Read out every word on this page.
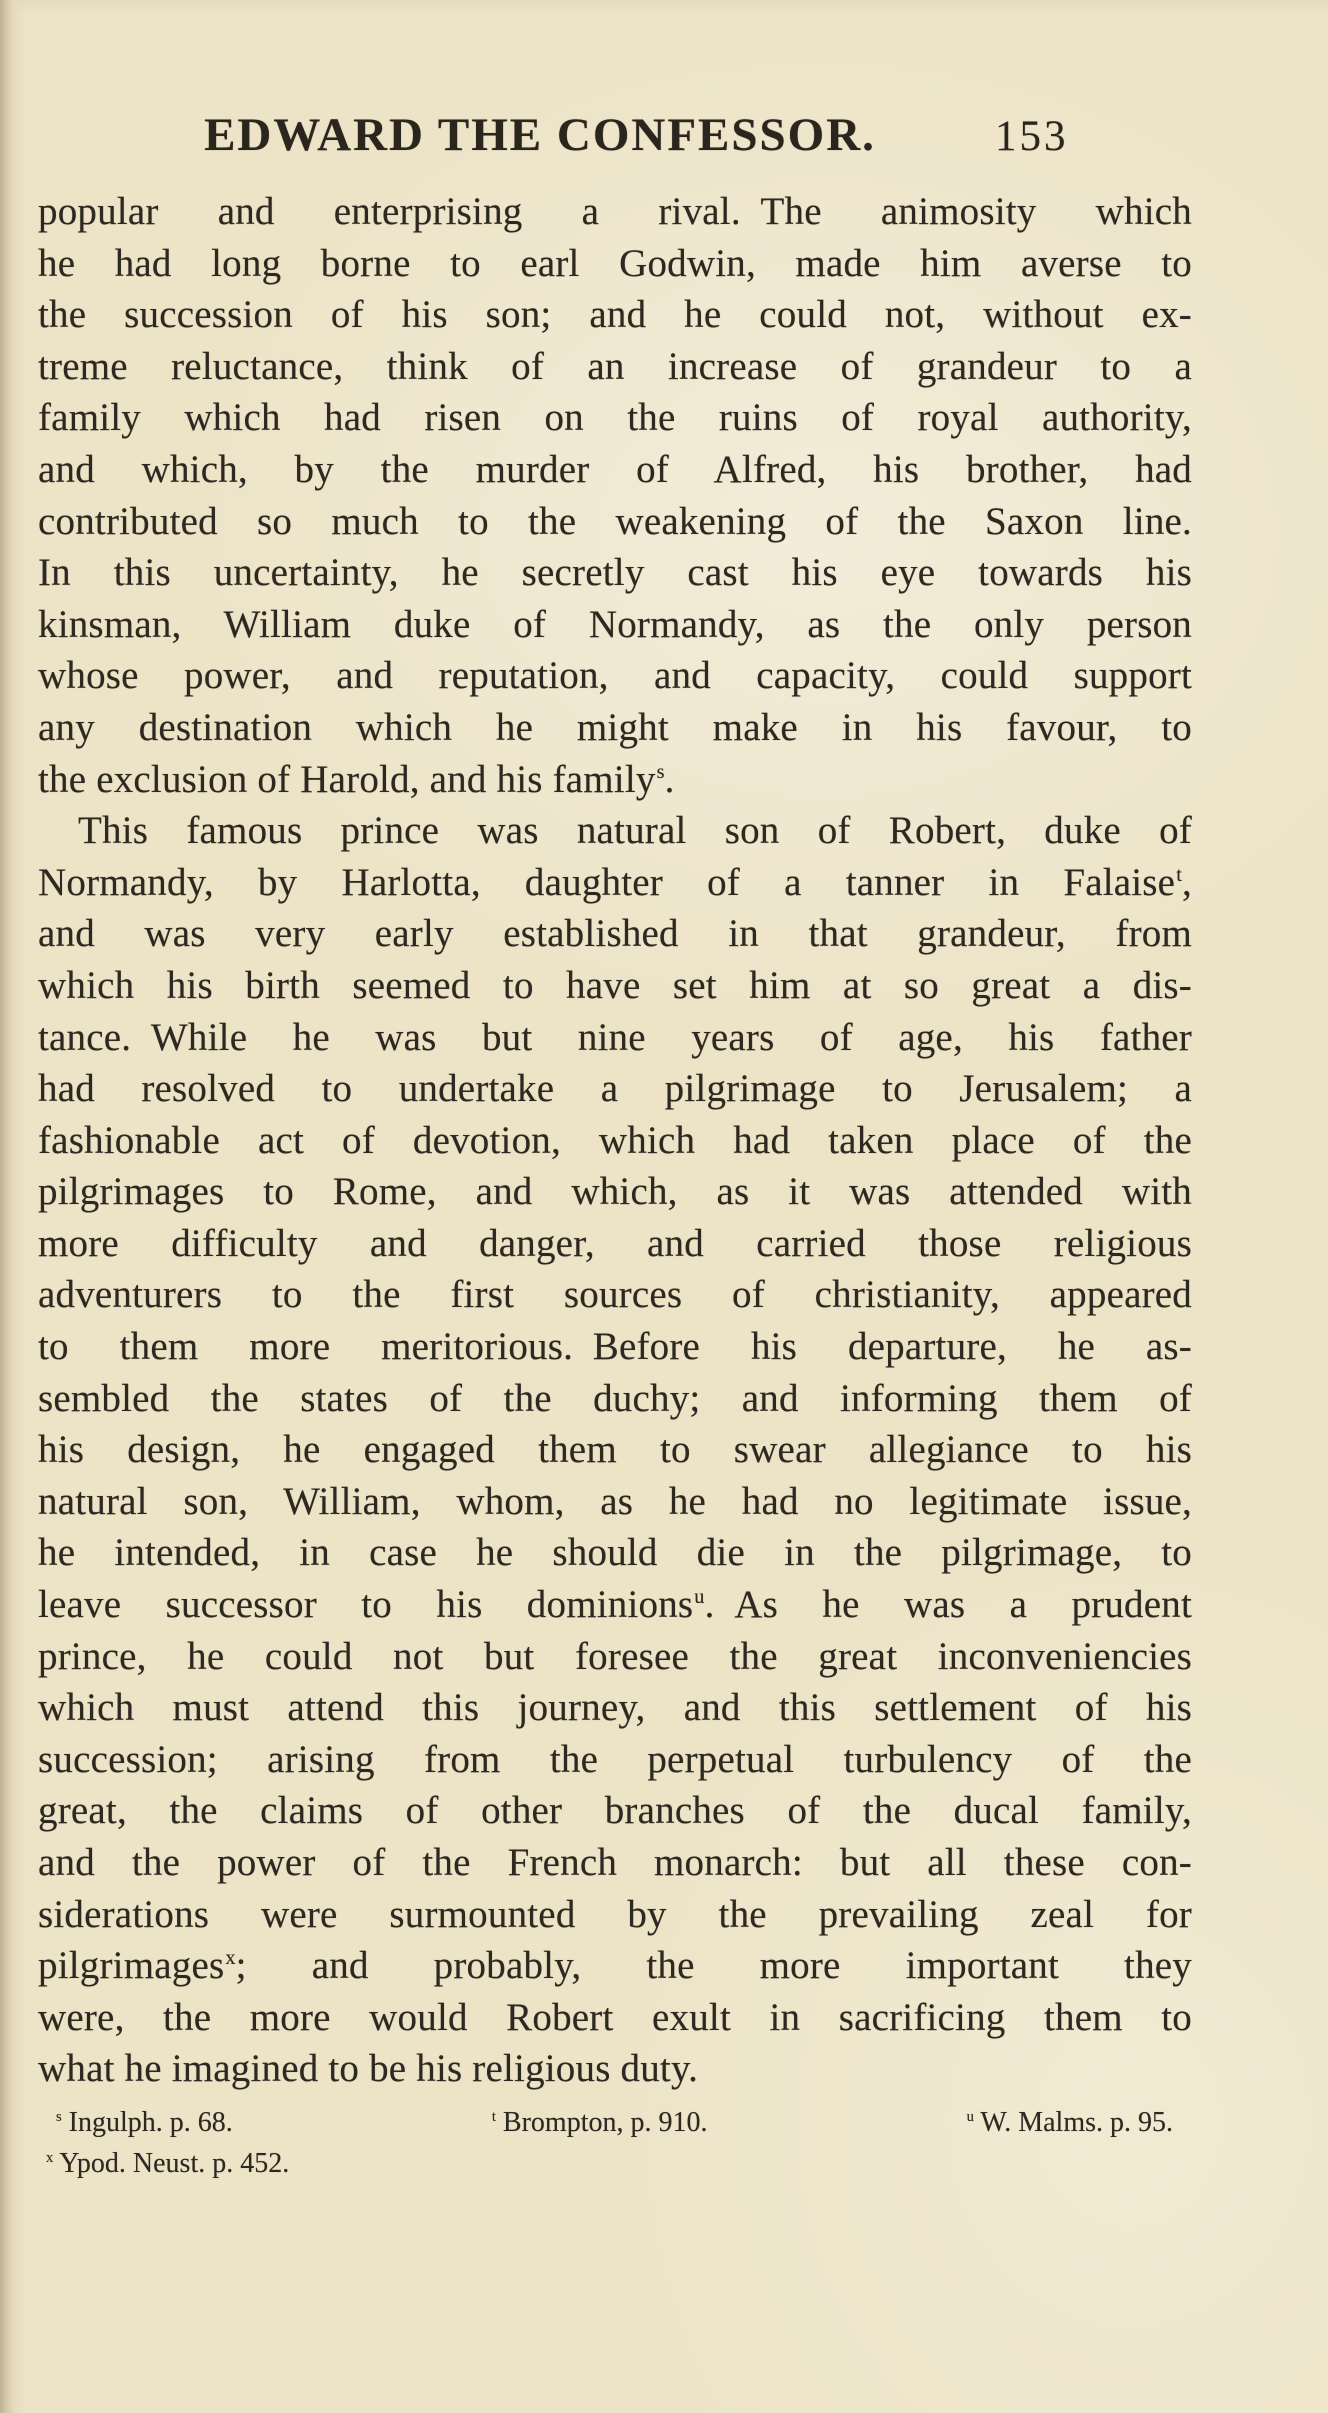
EDWARD THE CONFESSOR.	153
popular and enterprising a rival. The animosity which
he had long borne to earl Godwin, made him averse to
the succession of his son; and he could not, without ex-
treme reluctance, think of an increase of grandeur to a
family which had risen on the ruins of royal authority,
and which, by the murder of Alfred, his brother, had
contributed so much to the weakening of the Saxon line.
In this uncertainty, he secretly cast his eye towards his
kinsman, William duke of Normandy, as the only person
whose power, and reputation, and capacity, could support
any destination which he might make in his favour, to
the exclusion of Harold, and his family$^s$.
This famous prince was natural son of Robert, duke of
Normandy, by Harlotta, daughter of a tanner in Falaise$^t$,
and was very early established in that grandeur, from
which his birth seemed to have set him at so great a dis-
tance. While he was but nine years of age, his father
had resolved to undertake a pilgrimage to Jerusalem; a
fashionable act of devotion, which had taken place of the
pilgrimages to Rome, and which, as it was attended with
more difficulty and danger, and carried those religious
adventurers to the first sources of christianity, appeared
to them more meritorious. Before his departure, he as-
sembled the states of the duchy; and informing them of
his design, he engaged them to swear allegiance to his
natural son, William, whom, as he had no legitimate issue,
he intended, in case he should die in the pilgrimage, to
leave successor to his dominions$^u$. As he was a prudent
prince, he could not but foresee the great inconveniencies
which must attend this journey, and this settlement of his
succession; arising from the perpetual turbulency of the
great, the claims of other branches of the ducal family,
and the power of the French monarch: but all these con-
siderations were surmounted by the prevailing zeal for
pilgrimages$^x$; and probably, the more important they
were, the more would Robert exult in sacrificing them to
what he imagined to be his religious duty.
$^s$ Ingulph. p. 68.	$^t$ Brompton, p. 910.	$^u$ W. Malms. p. 95.
$^x$ Ypod. Neust. p. 452.
